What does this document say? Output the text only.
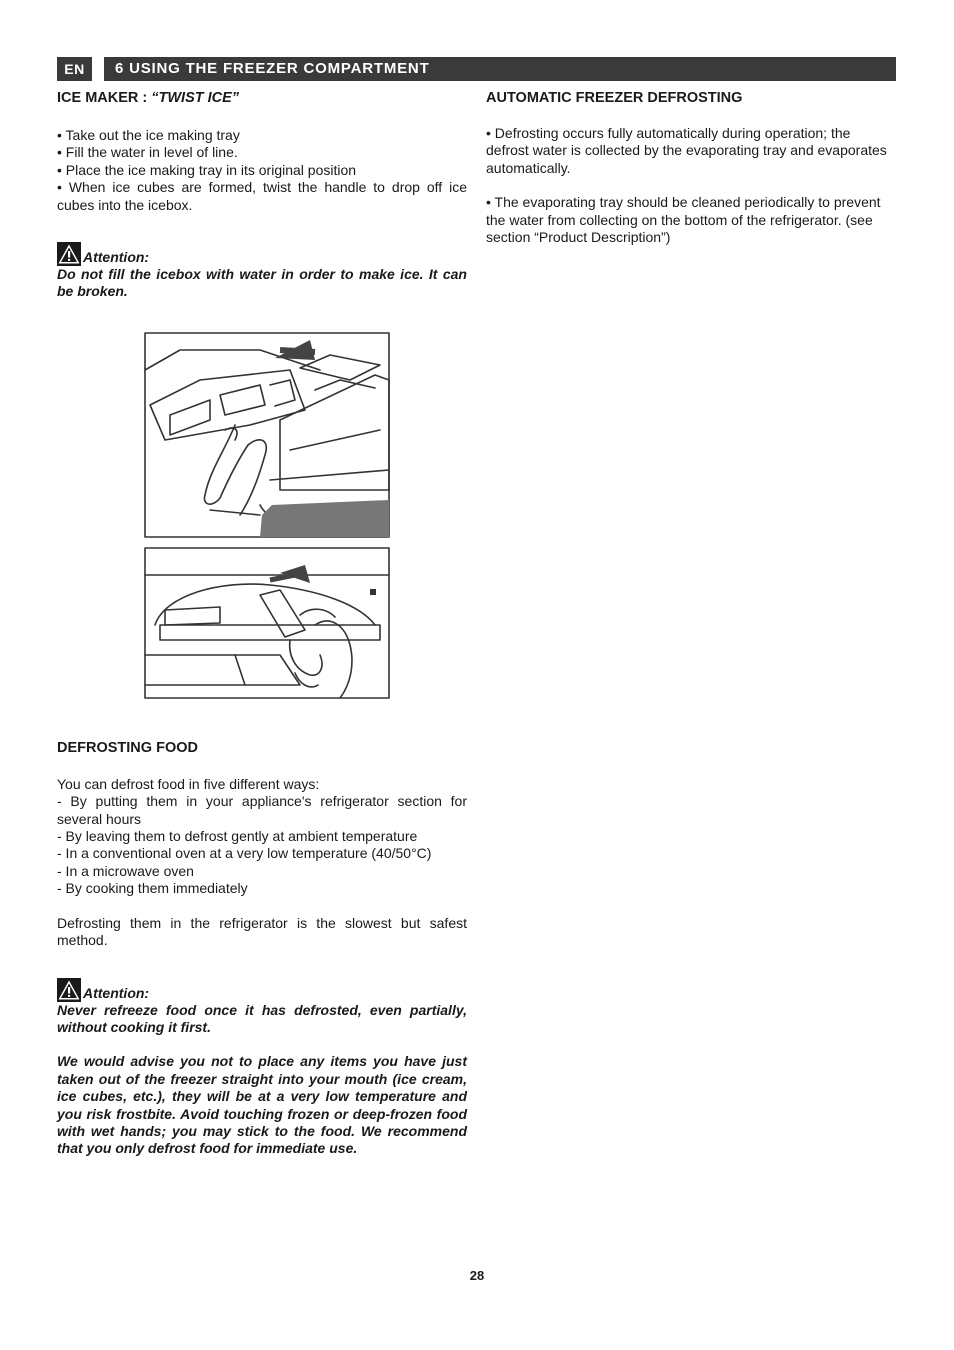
EN	6 USING THE FREEZER COMPARTMENT
ICE MAKER : “TWIST ICE”
• Take out the ice making tray
• Fill the water in level of line.
• Place the ice making tray in its original position
• When ice cubes are formed, twist the handle to drop off ice cubes into the icebox.
Attention:

Do not fill the icebox with water in order to make ice. It can be broken.

DEFROSTING FOOD

You can defrost food in five different ways:

- By putting them in your appliance's refrigerator section for several hours
- By leaving them to defrost gently at ambient temperature
- In a conventional oven at a very low temperature (40/50°C)
- In a microwave oven
- By cooking them immediately

Defrosting them in the refrigerator is the slowest but safest method.

Attention:

Never refreeze food once it has defrosted, even partially, without cooking it first.

We would advise you not to place any items you have just taken out of the freezer straight into your mouth (ice cream, ice cubes, etc.), they will be at a very low temperature and you risk frostbite. Avoid touching frozen or deep-frozen food with wet hands; you may stick to the food. We recommend that you only defrost food for immediate use.

AUTOMATIC FREEZER DEFROSTING

• Defrosting occurs fully automatically during operation; the defrost water is collected by the evaporating tray and evaporates automatically.

• The evaporating tray should be cleaned periodically to prevent the water from collecting on the bottom of the refrigerator. (see section “Product Description”)

28
